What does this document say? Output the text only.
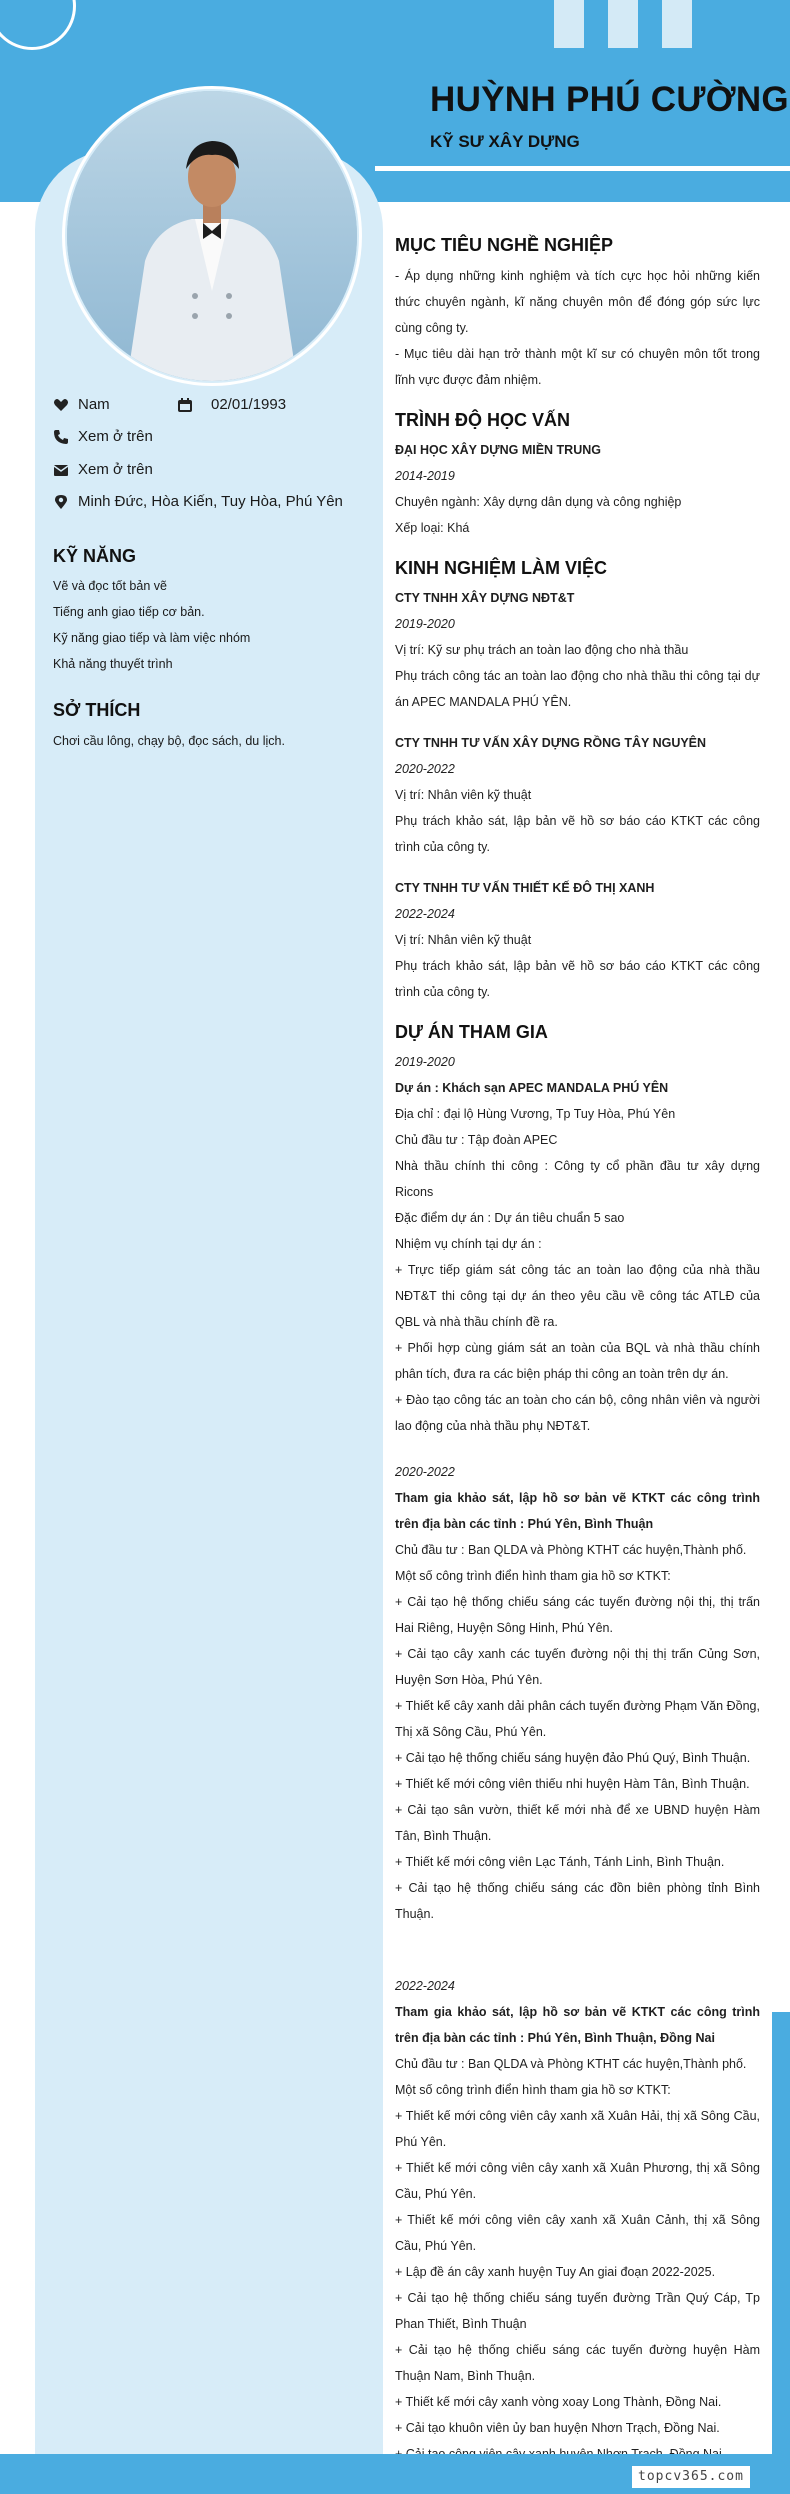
HUỲNH PHÚ CƯỜNG
KỸ SƯ XÂY DỰNG
Nam	02/01/1993
Xem ở trên
Xem ở trên
Minh Đức, Hòa Kiến, Tuy Hòa, Phú Yên
KỸ NĂNG
Vẽ và đọc tốt bản vẽ
Tiếng anh giao tiếp cơ bản.
Kỹ năng giao tiếp và làm việc nhóm
Khả năng thuyết trình
SỞ THÍCH
Chơi cầu lông, chạy bộ, đọc sách, du lịch.
MỤC TIÊU NGHỀ NGHIỆP

- Áp dụng những kinh nghiệm và tích cực học hỏi những kiến thức chuyên ngành, kĩ năng chuyên môn để đóng góp sức lực cùng công ty.

- Mục tiêu dài hạn trở thành một kĩ sư có chuyên môn tốt trong lĩnh vực được đảm nhiệm.

TRÌNH ĐỘ HỌC VẤN

ĐẠI HỌC XÂY DỰNG MIỀN TRUNG

2014-2019

Chuyên ngành: Xây dựng dân dụng và công nghiệp

Xếp loại: Khá

KINH NGHIỆM LÀM VIỆC

CTY TNHH XÂY DỰNG NĐT&T

2019-2020

Vị trí: Kỹ sư phụ trách an toàn lao động cho nhà thầu

Phụ trách công tác an toàn lao động cho nhà thầu thi công tại dự án APEC MANDALA PHÚ YÊN.

CTY TNHH TƯ VẤN XÂY DỰNG RỒNG TÂY NGUYÊN

2020-2022

Vị trí: Nhân viên kỹ thuật

Phụ trách khảo sát, lập bản vẽ hồ sơ báo cáo KTKT các công trình của công ty.

CTY TNHH TƯ VẤN THIẾT KẾ ĐÔ THỊ XANH

2022-2024

Vị trí: Nhân viên kỹ thuật

Phụ trách khảo sát, lập bản vẽ hồ sơ báo cáo KTKT các công trình của công ty.

DỰ ÁN THAM GIA

2019-2020

Dự án : Khách sạn APEC MANDALA PHÚ YÊN

Địa chỉ : đại lộ Hùng Vương, Tp Tuy Hòa, Phú Yên

Chủ đầu tư : Tập đoàn APEC

Nhà thầu chính thi công : Công ty cổ phần đầu tư xây dựng Ricons

Đặc điểm dự án : Dự án tiêu chuẩn 5 sao

Nhiệm vụ chính tại dự án :

+ Trực tiếp giám sát công tác an toàn lao động của nhà thầu NĐT&T thi công tại dự án theo yêu cầu về công tác ATLĐ của QBL và nhà thầu chính đề ra.

+ Phối hợp cùng giám sát an toàn của BQL và nhà thầu chính phân tích, đưa ra các biện pháp thi công an toàn trên dự án.

+ Đào tạo công tác an toàn cho cán bộ, công nhân viên và người lao động của nhà thầu phụ NĐT&T.

2020-2022

Tham gia khảo sát, lập hồ sơ bản vẽ KTKT các công trình trên địa bàn các tỉnh : Phú Yên, Bình Thuận

Chủ đầu tư : Ban QLDA và Phòng KTHT các huyện,Thành phố.

Một số công trình điển hình tham gia hồ sơ KTKT:

+ Cải tạo hệ thống chiếu sáng các tuyến đường nội thị, thị trấn Hai Riêng, Huyện Sông Hinh, Phú Yên.

+ Cải tạo cây xanh các tuyến đường nội thị thị trấn Củng Sơn, Huyện Sơn Hòa, Phú Yên.

+ Thiết kế cây xanh dải phân cách tuyến đường Phạm Văn Đồng, Thị xã Sông Cầu, Phú Yên.

+ Cải tạo hệ thống chiếu sáng huyện đảo Phú Quý, Bình Thuận.

+ Thiết kế mới công viên thiếu nhi huyện Hàm Tân, Bình Thuận.

+ Cải tạo sân vườn, thiết kế mới nhà để xe UBND huyện Hàm Tân, Bình Thuận.

+ Thiết kế mới công viên Lạc Tánh, Tánh Linh, Bình Thuận.

+ Cải tạo hệ thống chiếu sáng các đồn biên phòng tỉnh Bình Thuận.

2022-2024

Tham gia khảo sát, lập hồ sơ bản vẽ KTKT các công trình trên địa bàn các tỉnh : Phú Yên, Bình Thuận, Đồng Nai

Chủ đầu tư : Ban QLDA và Phòng KTHT các huyện,Thành phố.

Một số công trình điển hình tham gia hồ sơ KTKT:

+ Thiết kế mới công viên cây xanh xã Xuân Hải, thị xã Sông Cầu, Phú Yên.

+ Thiết kế mới công viên cây xanh xã Xuân Phương, thị xã Sông Cầu, Phú Yên.

+ Thiết kế mới công viên cây xanh xã Xuân Cảnh, thị xã Sông Cầu, Phú Yên.

+ Lập đề án cây xanh huyện Tuy An giai đoạn 2022-2025.

+ Cải tạo hệ thống chiếu sáng tuyến đường Trần Quý Cáp, Tp Phan Thiết, Bình Thuận

+ Cải tạo hệ thống chiếu sáng các tuyến đường huyện Hàm Thuận Nam, Bình Thuận.

+ Thiết kế mới cây xanh vòng xoay Long Thành, Đồng Nai.

+ Cải tạo khuôn viên ủy ban huyện Nhơn Trạch, Đồng Nai.

topcv365.com
